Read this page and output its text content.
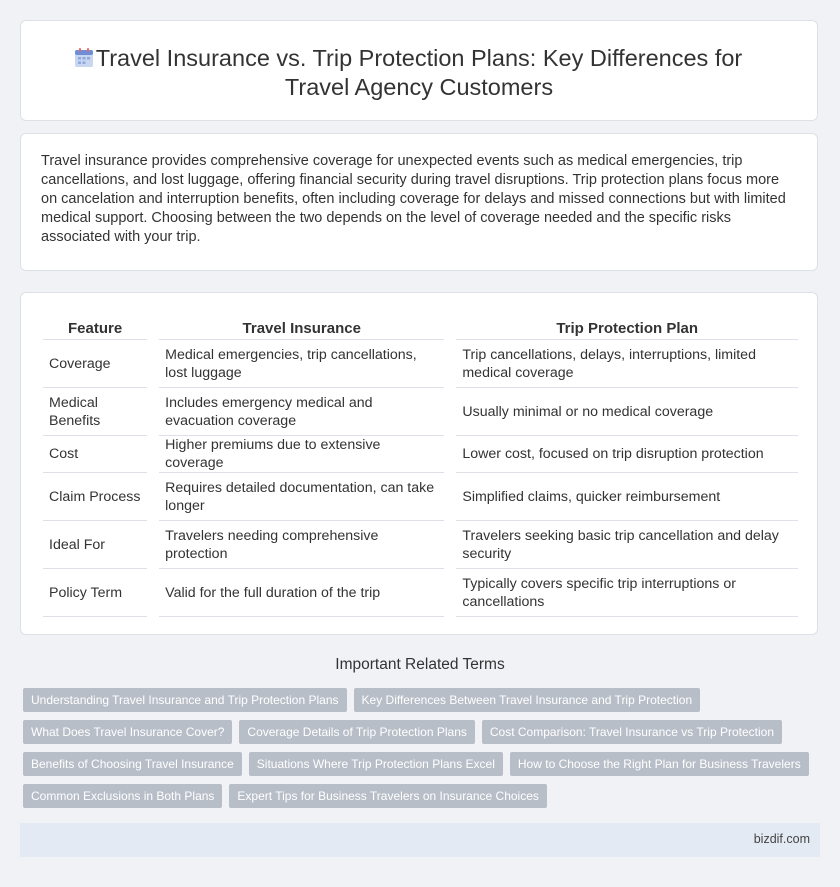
Travel Insurance vs. Trip Protection Plans: Key Differences for Travel Agency Customers

Travel insurance provides comprehensive coverage for unexpected events such as medical emergencies, trip cancellations, and lost luggage, offering financial security during travel disruptions. Trip protection plans focus more on cancelation and interruption benefits, often including coverage for delays and missed connections but with limited medical support. Choosing between the two depends on the level of coverage needed and the specific risks associated with your trip.

Feature		Travel Insurance		Trip Protection Plan
Coverage		Medical emergencies, trip cancellations, lost luggage		Trip cancellations, delays, interruptions, limited medical coverage
Medical Benefits		Includes emergency medical and evacuation coverage		Usually minimal or no medical coverage
Cost		Higher premiums due to extensive coverage		Lower cost, focused on trip disruption protection
Claim Process		Requires detailed documentation, can take longer		Simplified claims, quicker reimbursement
Ideal For		Travelers needing comprehensive protection		Travelers seeking basic trip cancellation and delay security
Policy Term		Valid for the full duration of the trip		Typically covers specific trip interruptions or cancellations
Important Related Terms
Understanding Travel Insurance and Trip Protection Plans	Key Differences Between Travel Insurance and Trip Protection
What Does Travel Insurance Cover?	Coverage Details of Trip Protection Plans	Cost Comparison: Travel Insurance vs Trip Protection
Benefits of Choosing Travel Insurance	Situations Where Trip Protection Plans Excel	How to Choose the Right Plan for Business Travelers
Common Exclusions in Both Plans	Expert Tips for Business Travelers on Insurance Choices
bizdif.com
